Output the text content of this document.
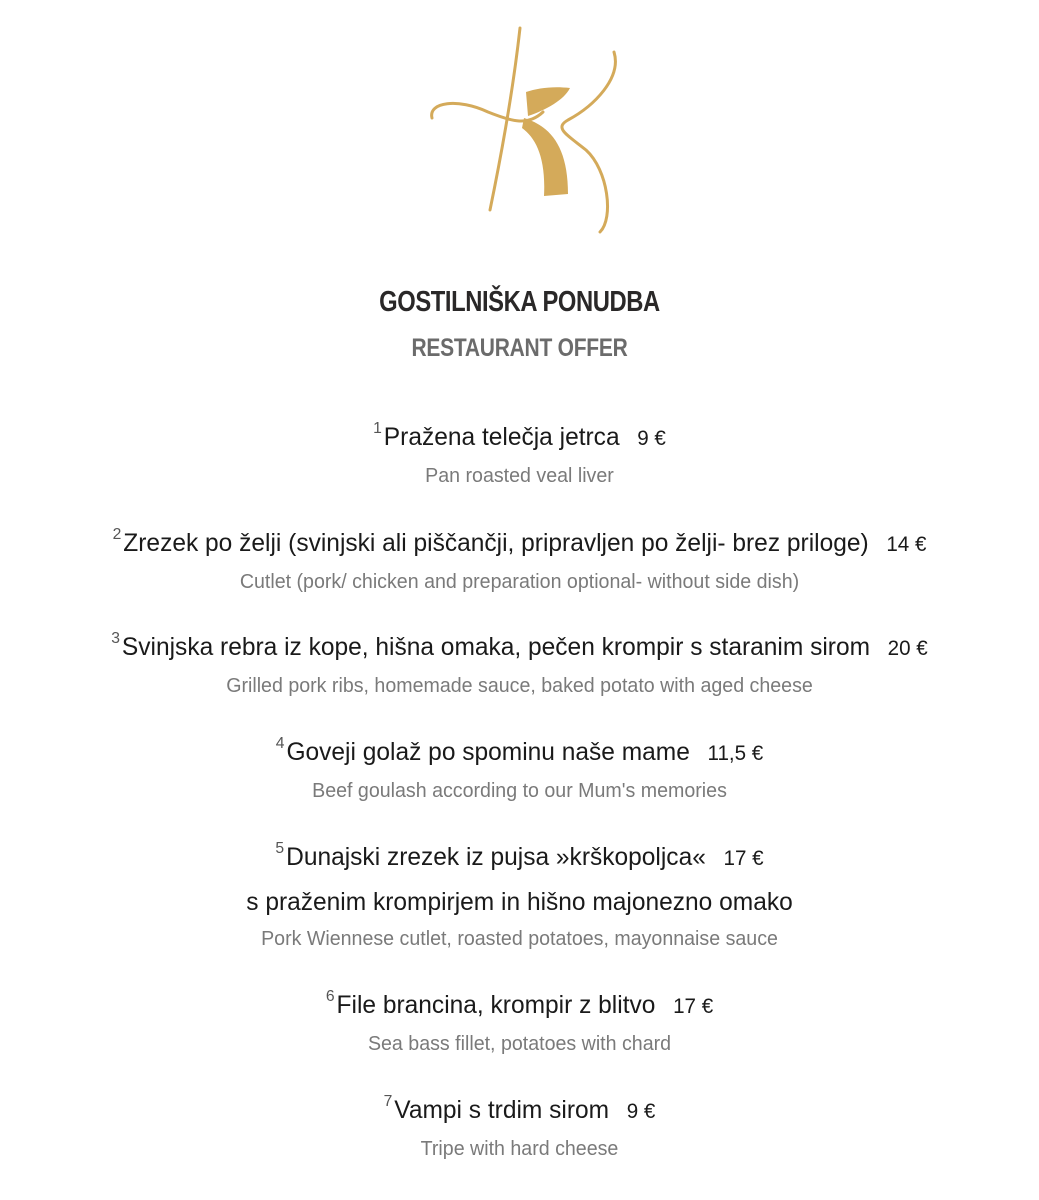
GOSTILNIŠKA PONUDBA
RESTAURANT OFFER
$^1$Pražena telečja jetrca 9 €
Pan roasted veal liver
$^2$Zrezek po želji (svinjski ali piščančji, pripravljen po želji- brez priloge) 14 €
Cutlet (pork/ chicken and preparation optional- without side dish)
$^3$Svinjska rebra iz kope, hišna omaka, pečen krompir s staranim sirom 20 €
Grilled pork ribs, homemade sauce, baked potato with aged cheese
$^4$Goveji golaž po spominu naše mame 11,5 €
Beef goulash according to our Mum's memories
$^5$Dunajski zrezek iz pujsa »krškopoljca« 17 €
s praženim krompirjem in hišno majonezno omako
Pork Wiennese cutlet, roasted potatoes, mayonnaise sauce
$^6$File brancina, krompir z blitvo 17 €
Sea bass fillet, potatoes with chard
$^7$Vampi s trdim sirom 9 €
Tripe with hard cheese
